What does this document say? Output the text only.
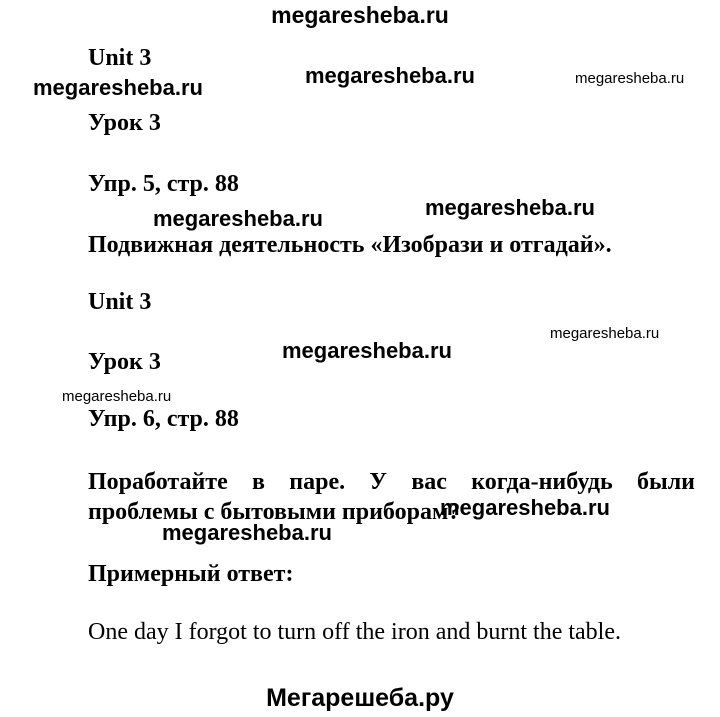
megaresheba.ru
Unit 3
megaresheba.ru	megaresheba.ru	megaresheba.ru
Урок 3
Упр. 5, стр. 88
megaresheba.ru	megaresheba.ru
Подвижная деятельность «Изобрази и отгадай».
Unit 3
megaresheba.ru
Урок 3	megaresheba.ru
megaresheba.ru
Упр. 6, стр. 88
Поработайте в паре. У вас когда-нибудь были проблемы с бытовыми приборам?
megaresheba.ru
megaresheba.ru
Примерный ответ:
One day I forgot to turn off the iron and burnt the table.
Мегарешеба.ру
